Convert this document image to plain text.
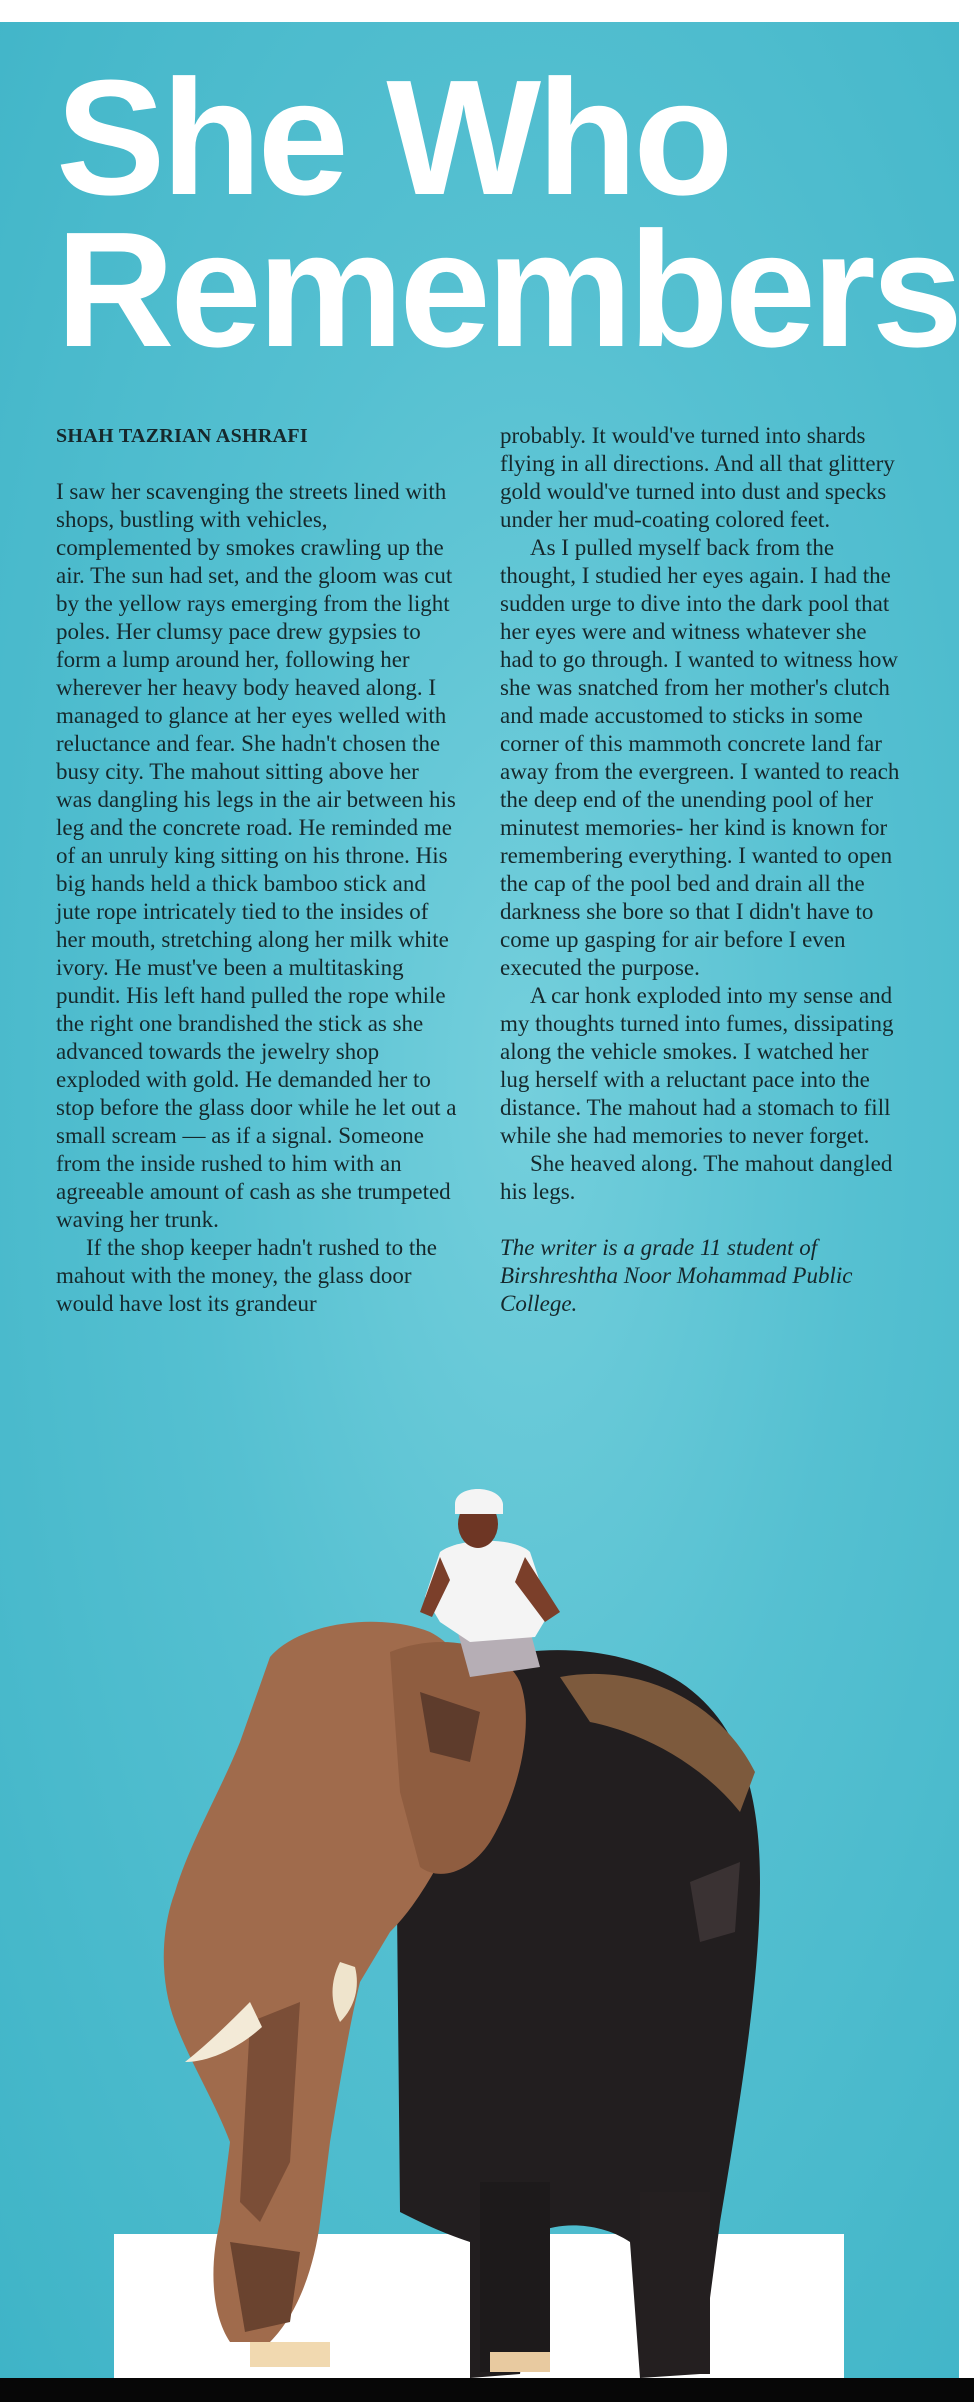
She Who
Remembers
SHAH TAZRIAN ASHRAFI

I saw her scavenging the streets lined with shops, bustling with vehicles, complemented by smokes crawling up the air. The sun had set, and the gloom was cut by the yellow rays emerging from the light poles. Her clumsy pace drew gypsies to form a lump around her, following her wherever her heavy body heaved along. I managed to glance at her eyes welled with reluctance and fear. She hadn't chosen the busy city. The mahout sitting above her was dangling his legs in the air between his leg and the concrete road. He reminded me of an unruly king sitting on his throne. His big hands held a thick bamboo stick and jute rope intricately tied to the insides of her mouth, stretching along her milk white ivory. He must've been a multitasking pundit. His left hand pulled the rope while the right one brandished the stick as she advanced towards the jewelry shop exploded with gold. He demanded her to stop before the glass door while he let out a small scream — as if a signal. Someone from the inside rushed to him with an agreeable amount of cash as she trumpeted waving her trunk.

If the shop keeper hadn't rushed to the mahout with the money, the glass door would have lost its grandeur

probably. It would've turned into shards flying in all directions. And all that glittery gold would've turned into dust and specks under her mud-coating colored feet.

As I pulled myself back from the thought, I studied her eyes again. I had the sudden urge to dive into the dark pool that her eyes were and witness whatever she had to go through. I wanted to witness how she was snatched from her mother's clutch and made accustomed to sticks in some corner of this mammoth concrete land far away from the evergreen. I wanted to reach the deep end of the unending pool of her minutest memories- her kind is known for remembering everything. I wanted to open the cap of the pool bed and drain all the darkness she bore so that I didn't have to come up gasping for air before I even executed the purpose.

A car honk exploded into my sense and my thoughts turned into fumes, dissipating along the vehicle smokes. I watched her lug herself with a reluctant pace into the distance. The mahout had a stomach to fill while she had memories to never forget.

She heaved along. The mahout dangled his legs.

The writer is a grade 11 student of Birshreshtha Noor Mohammad Public College.
